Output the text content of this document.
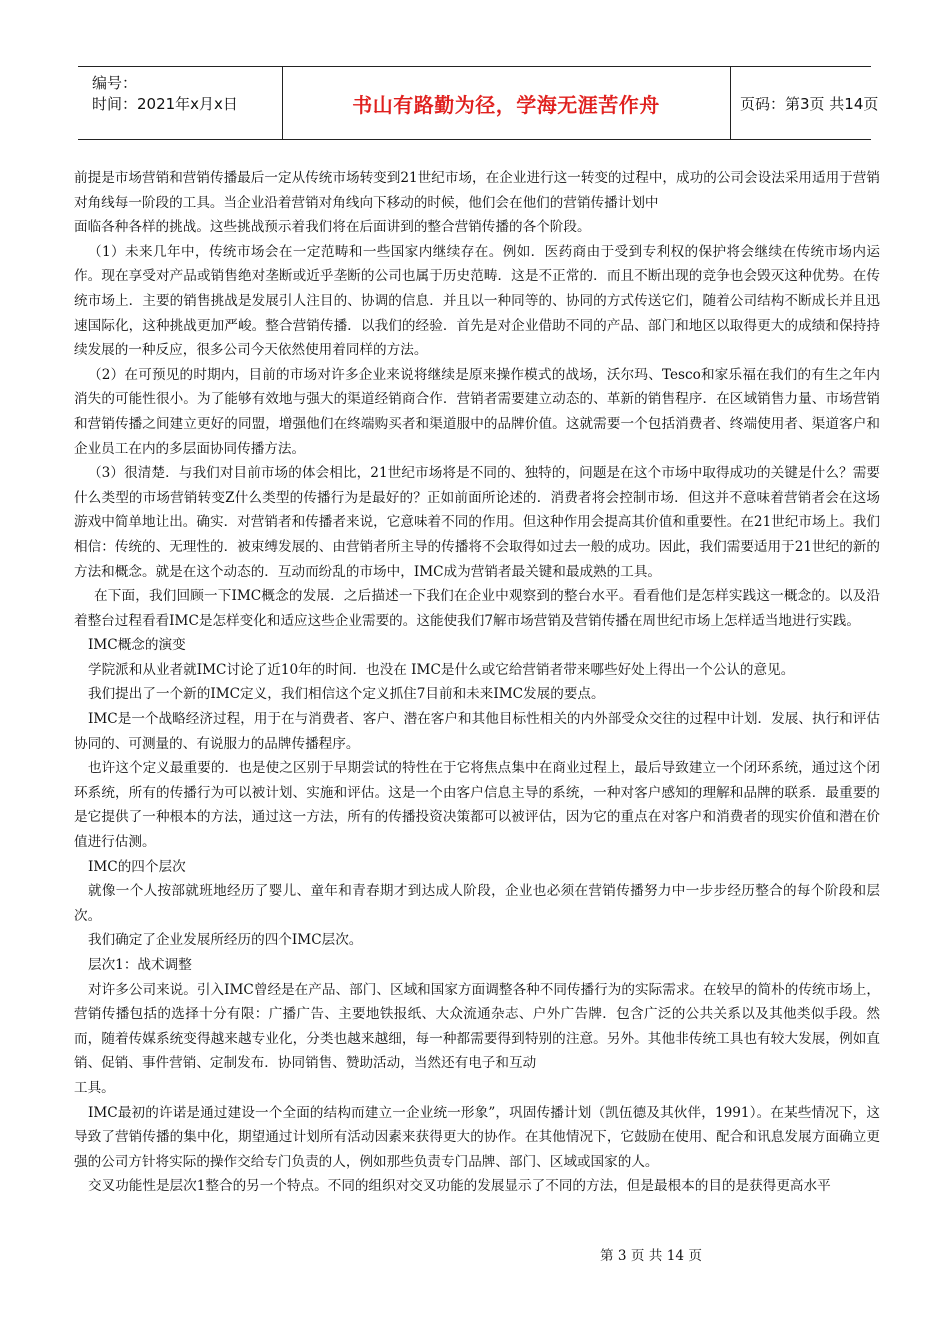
编号：
时间：2021年x月x日	书山有路勤为径，学海无涯苦作舟	页码：第3页 共14页

前提是市场营销和营销传播最后一定从传统市场转变到21世纪市场，在企业进行这一转变的过程中，成功的公司会设法采用适用于营销对角线每一阶段的工具。当企业沿着营销对角线向下移动的时候，他们会在他们的营销传播计划中

面临各种各样的挑战。这些挑战预示着我们将在后面讲到的整合营销传播的各个阶段。

（1）未来几年中，传统市场会在一定范畴和一些国家内继续存在。例如．医药商由于受到专利权的保护将会继续在传统市场内运作。现在享受对产品或销售绝对垄断或近乎垄断的公司也属于历史范畴．这是不正常的．而且不断出现的竞争也会毁灭这种优势。在传统市场上．主要的销售挑战是发展引人注目的、协调的信息．并且以一种同等的、协同的方式传送它们，随着公司结构不断成长并且迅速国际化，这种挑战更加严峻。整合营销传播．以我们的经验．首先是对企业借助不同的产品、部门和地区以取得更大的成绩和保持持续发展的一种反应，很多公司今天依然使用着同样的方法。

（2）在可预见的时期内，目前的市场对许多企业来说将继续是原来操作模式的战场，沃尔玛、Tesco和家乐福在我们的有生之年内消失的可能性很小。为了能够有效地与强大的渠道经销商合作．营销者需要建立动态的、革新的销售程序．在区域销售力量、市场营销和营销传播之间建立更好的同盟，增强他们在终端购买者和渠道服中的品牌价值。这就需要一个包括消费者、终端使用者、渠道客户和企业员工在内的多层面协同传播方法。

（3）很清楚．与我们对目前市场的体会相比，21世纪市场将是不同的、独特的，问题是在这个市场中取得成功的关键是什么？需要什么类型的市场营销转变Z什么类型的传播行为是最好的？正如前面所论述的．消费者将会控制市场．但这并不意味着营销者会在这场游戏中简单地让出。确实．对营销者和传播者来说，它意味着不同的作用。但这种作用会提高其价值和重要性。在21世纪市场上。我们相信：传统的、无理性的．被束缚发展的、由营销者所主导的传播将不会取得如过去一般的成功。因此，我们需要适用于21世纪的新的方法和概念。就是在这个动态的．互动而纷乱的市场中，IMC成为营销者最关键和最成熟的工具。

在下面，我们回顾一下IMC概念的发展．之后描述一下我们在企业中观察到的整台水平。看看他们是怎样实践这一概念的。以及沿着整台过程看看IMC是怎样变化和适应这些企业需要的。这能使我们7解市场营销及营销传播在周世纪市场上怎样适当地进行实践。

IMC概念的演变

学院派和从业者就IMC讨论了近10年的时间．也没在 IMC是什么或它给营销者带来哪些好处上得出一个公认的意见。

我们提出了一个新的IMC定义，我们相信这个定义抓住7目前和未来IMC发展的要点。

IMC是一个战略经济过程，用于在与消费者、客户、潜在客户和其他目标性相关的内外部受众交往的过程中计划．发展、执行和评估协同的、可测量的、有说服力的品牌传播程序。

也许这个定义最重要的．也是使之区别于早期尝试的特性在于它将焦点集中在商业过程上，最后导致建立一个闭环系统，通过这个闭环系统，所有的传播行为可以被计划、实施和评估。这是一个由客户信息主导的系统，一种对客户感知的理解和品牌的联系．最重要的是它提供了一种根本的方法，通过这一方法，所有的传播投资决策都可以被评估，因为它的重点在对客户和消费者的现实价值和潜在价值进行估测。

IMC的四个层次

就像一个人按部就班地经历了婴儿、童年和青春期才到达成人阶段，企业也必须在营销传播努力中一步步经历整合的每个阶段和层次。

我们确定了企业发展所经历的四个IMC层次。

层次1：战术调整

对许多公司来说。引入IMC曾经是在产品、部门、区域和国家方面调整各种不同传播行为的实际需求。在较早的简朴的传统市场上，营销传播包括的选择十分有限：广播广告、主要地铁报纸、大众流通杂志、户外广告牌．包含广泛的公共关系以及其他类似手段。然而，随着传媒系统变得越来越专业化，分类也越来越细，每一种都需要得到特别的注意。另外。其他非传统工具也有较大发展，例如直销、促销、事件营销、定制发布．协同销售、赞助活动，当然还有电子和互动

工具。

IMC最初的许诺是通过建设一个全面的结构而建立一企业统一形象”，巩固传播计划（凯伍德及其伙伴，1991）。在某些情况下，这导致了营销传播的集中化，期望通过计划所有活动因素来获得更大的协作。在其他情况下，它鼓励在使用、配合和讯息发展方面确立更强的公司方针将实际的操作交给专门负责的人，例如那些负责专门品牌、部门、区域或国家的人。

交叉功能性是层次1整合的另一个特点。不同的组织对交叉功能的发展显示了不同的方法，但是最根本的目的是获得更高水平

第 3 页 共 14 页
